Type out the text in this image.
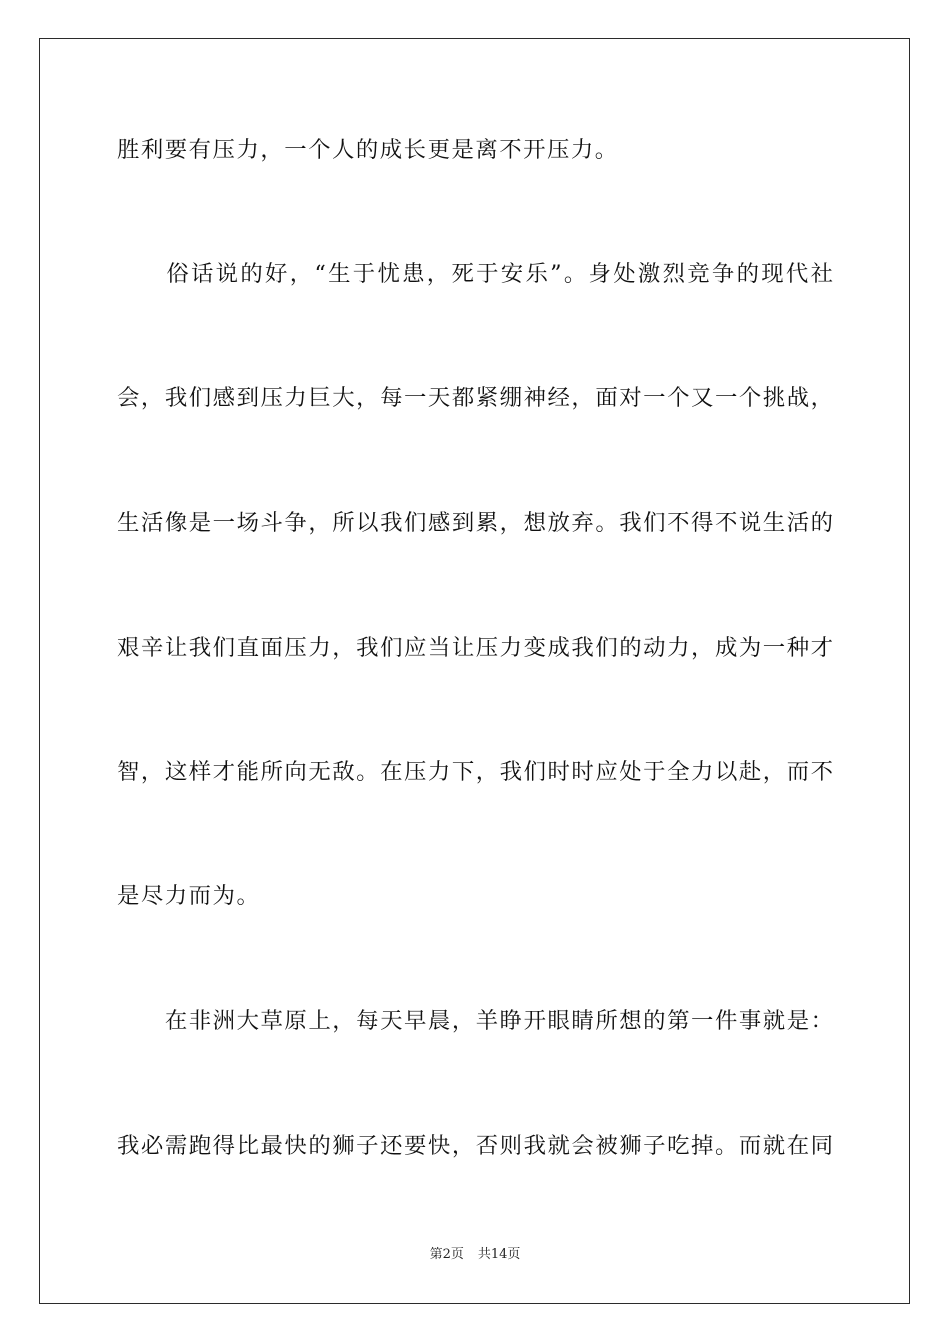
胜利要有压力，一个人的成长更是离不开压力。
　　俗话说的好，“生于忧患，死于安乐”。身处激烈竞争的现代社
会，我们感到压力巨大，每一天都紧绷神经，面对一个又一个挑战，
生活像是一场斗争，所以我们感到累，想放弃。我们不得不说生活的
艰辛让我们直面压力，我们应当让压力变成我们的动力，成为一种才
智，这样才能所向无敌。在压力下，我们时时应处于全力以赴，而不
是尽力而为。
　　在非洲大草原上，每天早晨，羊睁开眼睛所想的第一件事就是：
我必需跑得比最快的狮子还要快，否则我就会被狮子吃掉。而就在同
第2页 共14页
